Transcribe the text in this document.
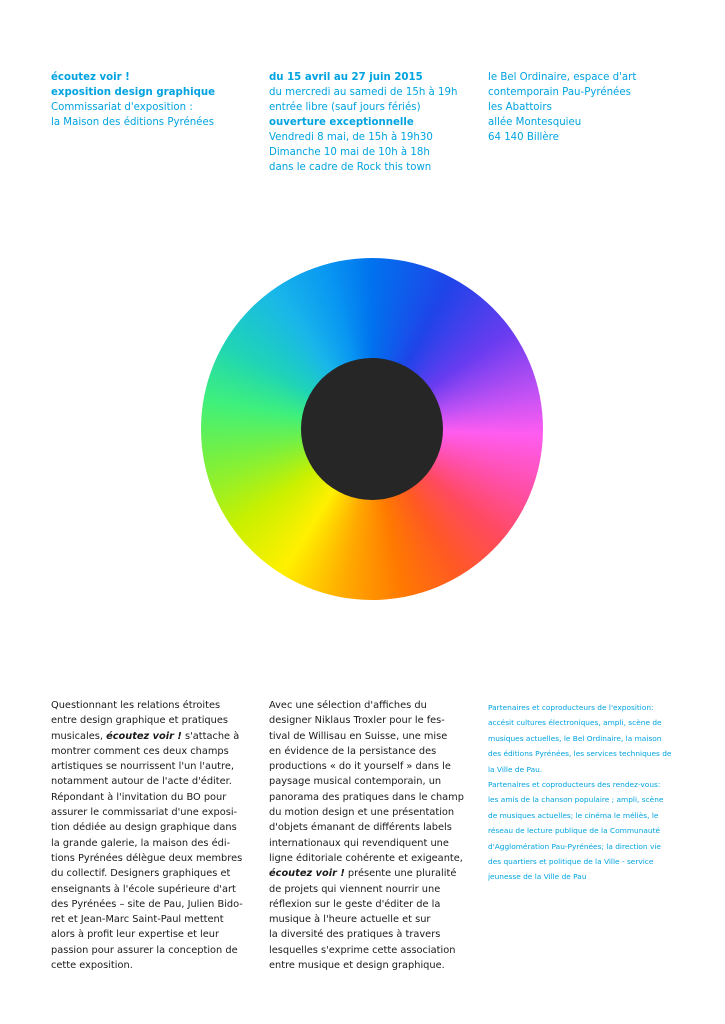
écoutez voir !
exposition design graphique
Commissariat d'exposition :
la Maison des éditions Pyrénées
du 15 avril au 27 juin 2015
du mercredi au samedi de 15h à 19h
entrée libre (sauf jours fériés)
ouverture exceptionnelle
Vendredi 8 mai, de 15h à 19h30
Dimanche 10 mai de 10h à 18h
dans le cadre de Rock this town
le Bel Ordinaire, espace d'art
contemporain Pau-Pyrénées
les Abattoirs
allée Montesquieu
64 140 Billère
Questionnant les relations étroites
entre design graphique et pratiques
musicales, écoutez voir ! s'attache à
montrer comment ces deux champs
artistiques se nourrissent l'un l'autre,
notamment autour de l'acte d'éditer.
Répondant à l'invitation du BO pour
assurer le commissariat d'une exposi-
tion dédiée au design graphique dans
la grande galerie, la maison des édi-
tions Pyrénées délègue deux membres
du collectif. Designers graphiques et
enseignants à l'école supérieure d'art
des Pyrénées – site de Pau, Julien Bido-
ret et Jean-Marc Saint-Paul mettent
alors à profit leur expertise et leur
passion pour assurer la conception de
cette exposition.
Avec une sélection d'affiches du
designer Niklaus Troxler pour le fes-
tival de Willisau en Suisse, une mise
en évidence de la persistance des
productions « do it yourself » dans le
paysage musical contemporain, un
panorama des pratiques dans le champ
du motion design et une présentation
d'objets émanant de différents labels
internationaux qui revendiquent une
ligne éditoriale cohérente et exigeante,
écoutez voir ! présente une pluralité
de projets qui viennent nourrir une
réflexion sur le geste d'éditer de la
musique à l'heure actuelle et sur
la diversité des pratiques à travers
lesquelles s'exprime cette association
entre musique et design graphique.
Partenaires et coproducteurs de l'exposition:
accésit cultures électroniques, ampli, scène de
musiques actuelles, le Bel Ordinaire, la maison
des éditions Pyrénées, les services techniques de
la Ville de Pau.
Partenaires et coproducteurs des rendez-vous:
les amis de la chanson populaire ; ampli, scène
de musiques actuelles; le cinéma le méliès, le
réseau de lecture publique de la Communauté
d'Agglomération Pau-Pyrénées; la direction vie
des quartiers et politique de la Ville - service
jeunesse de la Ville de Pau
